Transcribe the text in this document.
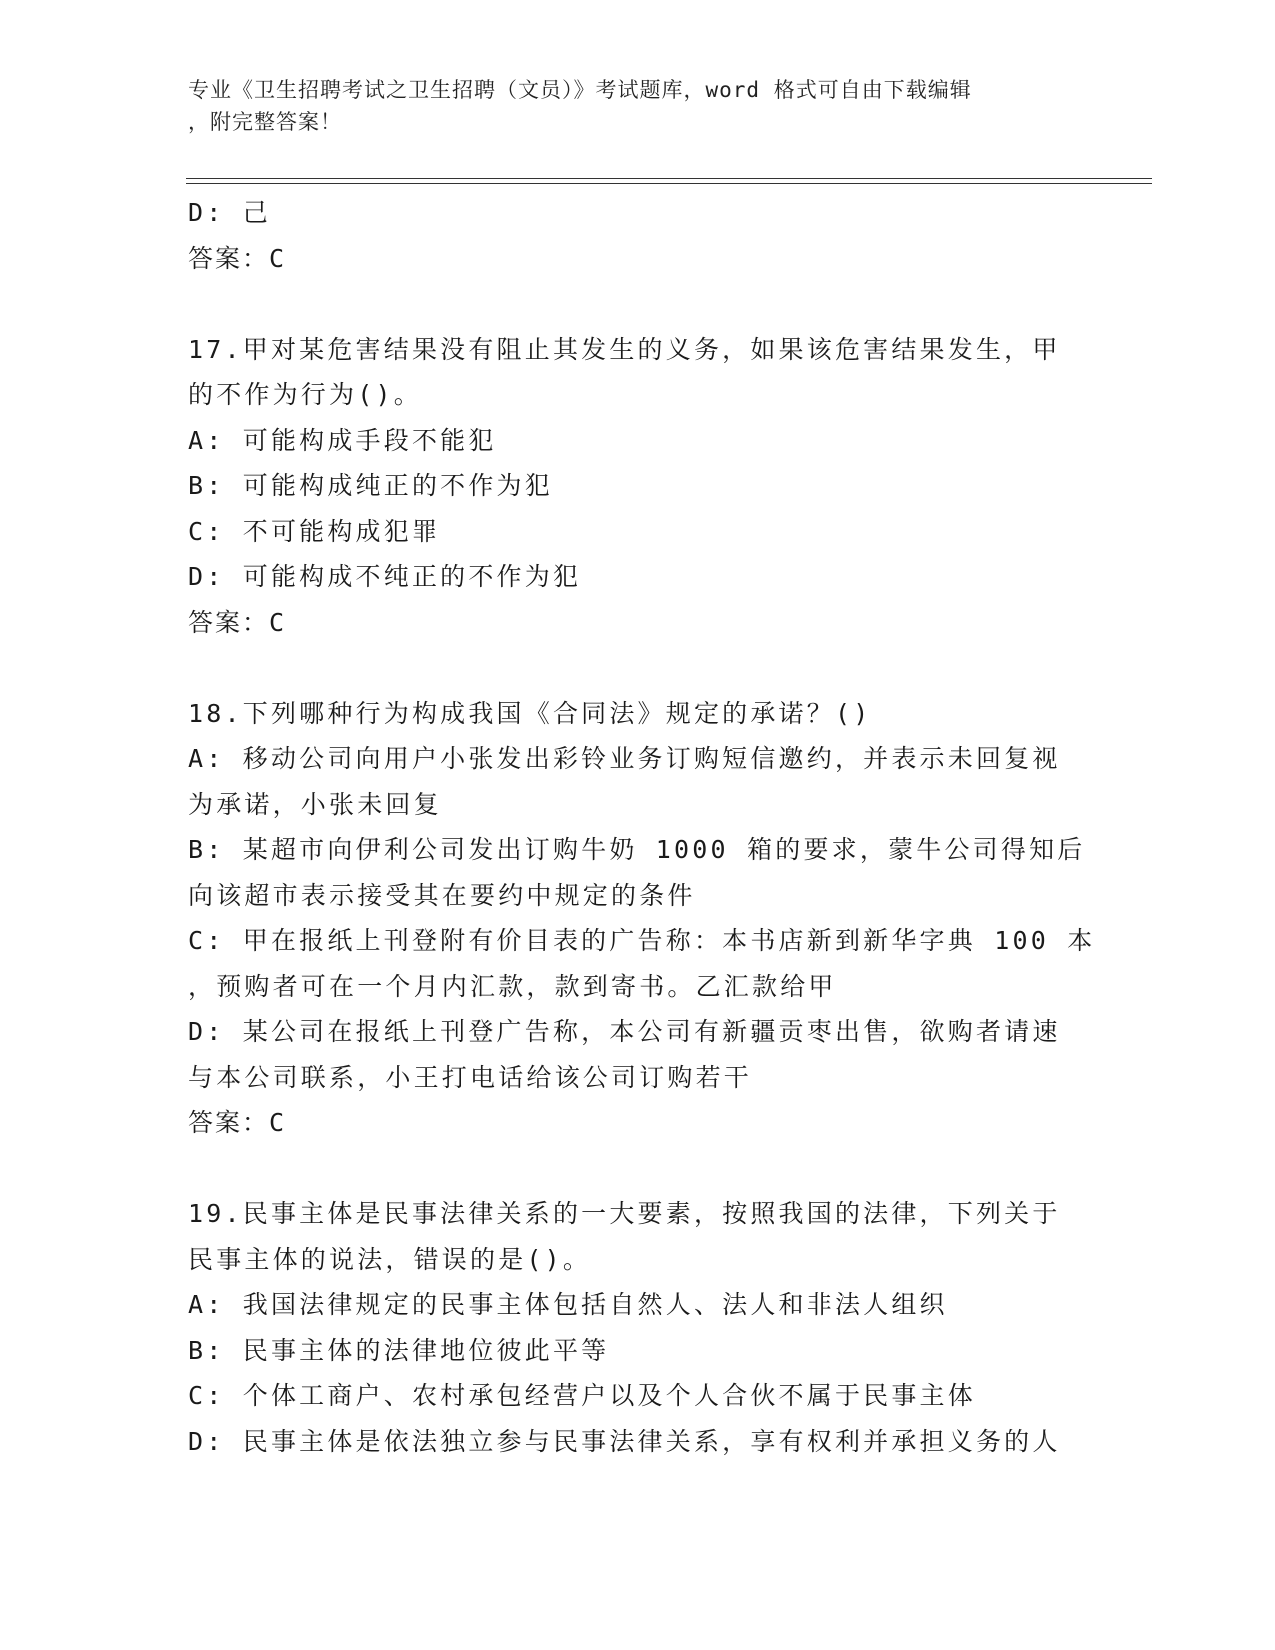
专业《卫生招聘考试之卫生招聘（文员）》考试题库，word 格式可自由下载编辑
，附完整答案！
D: 己
答案：C
17.甲对某危害结果没有阻止其发生的义务，如果该危害结果发生，甲
的不作为行为()。
A: 可能构成手段不能犯
B: 可能构成纯正的不作为犯
C: 不可能构成犯罪
D: 可能构成不纯正的不作为犯
答案：C
18.下列哪种行为构成我国《合同法》规定的承诺？()
A: 移动公司向用户小张发出彩铃业务订购短信邀约，并表示未回复视
为承诺，小张未回复
B: 某超市向伊利公司发出订购牛奶 1000 箱的要求，蒙牛公司得知后
向该超市表示接受其在要约中规定的条件
C: 甲在报纸上刊登附有价目表的广告称：本书店新到新华字典 100 本
，预购者可在一个月内汇款，款到寄书。乙汇款给甲
D: 某公司在报纸上刊登广告称，本公司有新疆贡枣出售，欲购者请速
与本公司联系，小王打电话给该公司订购若干
答案：C
19.民事主体是民事法律关系的一大要素，按照我国的法律，下列关于
民事主体的说法，错误的是()。
A: 我国法律规定的民事主体包括自然人、法人和非法人组织
B: 民事主体的法律地位彼此平等
C: 个体工商户、农村承包经营户以及个人合伙不属于民事主体
D: 民事主体是依法独立参与民事法律关系，享有权利并承担义务的人
